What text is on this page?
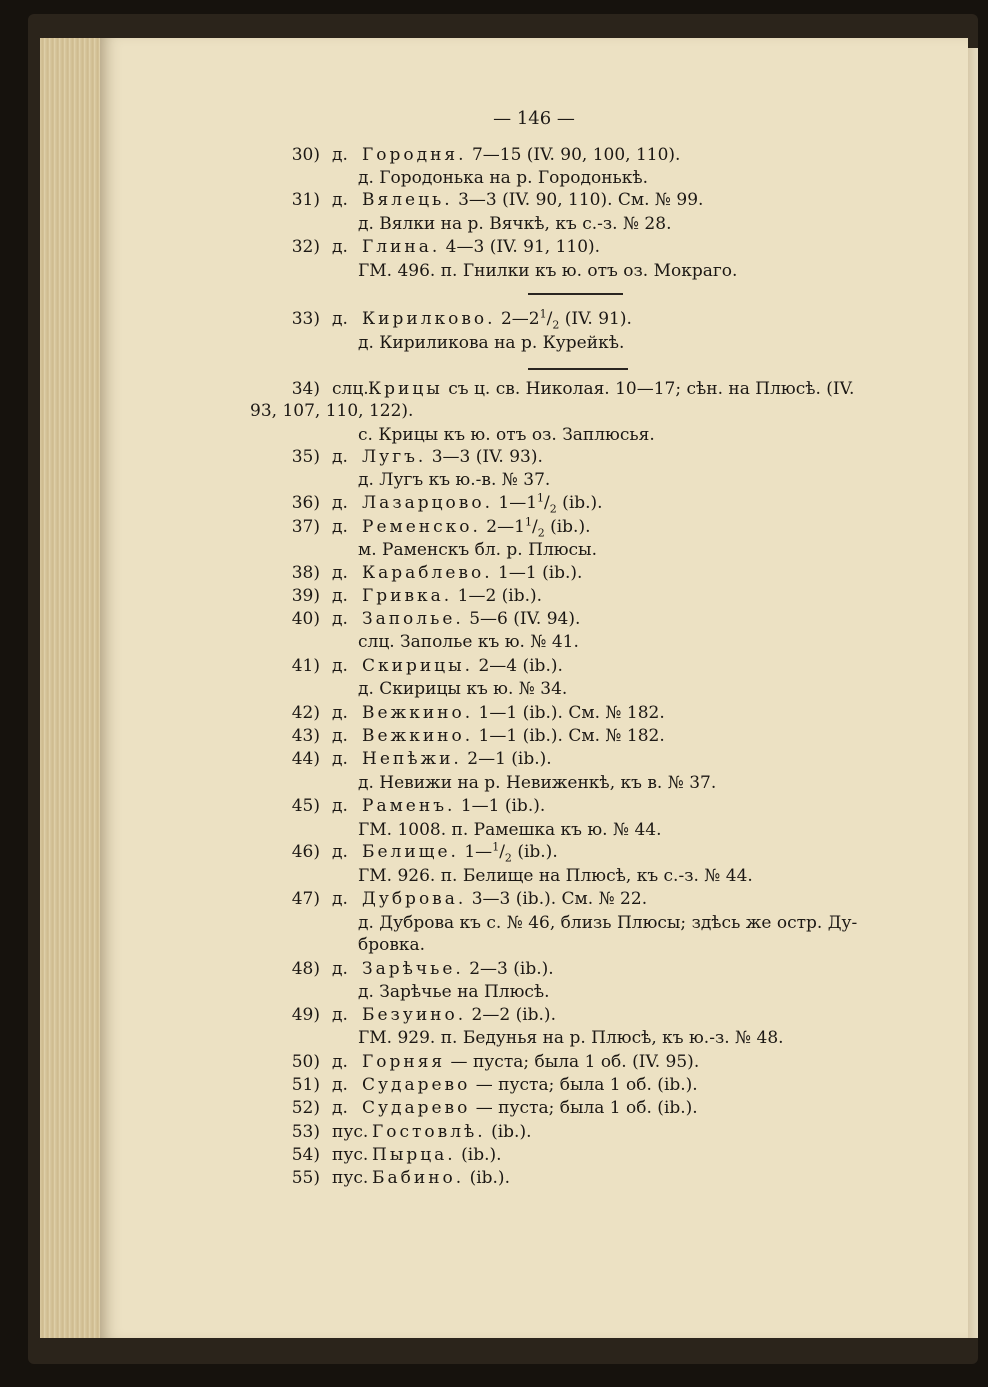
— 146 —
30) д. Городня. 7—15 (IV. 90, 100, 110).
д. Городонька на р. Городонькѣ.
31) д. Вялець. 3—3 (IV. 90, 110). См. № 99.
д. Вялки на р. Вячкѣ, къ с.-з. № 28.
32) д. Глина. 4—3 (IV. 91, 110).
ГМ. 496. п. Гнилки къ ю. отъ оз. Мокраго.
33) д. Кирилково. $2—2^1/_2$ (IV. 91).
д. Кириликова на р. Курейкѣ.
34) слц. Крицы съ ц. св. Николая. 10—17; сѣн. на Плюсѣ. (IV.
93, 107, 110, 122).
с. Крицы къ ю. отъ оз. Заплюсья.
35) д. Лугъ. 3—3 (IV. 93).
д. Лугъ къ ю.-в. № 37.
36) д. Лазарцово. $1—1^1/_2$ (ib.).
37) д. Ременско. $2—1^1/_2$ (ib.).
м. Раменскъ бл. р. Плюсы.
38) д. Караблево. 1—1 (ib.).
39) д. Гривка. 1—2 (ib.).
40) д. Заполье. 5—6 (IV. 94).
слц. Заполье къ ю. № 41.
41) д. Скирицы. 2—4 (ib.).
д. Скирицы къ ю. № 34.
42) д. Вежкино. 1—1 (ib.). См. № 182.
43) д. Вежкино. 1—1 (ib.). См. № 182.
44) д. Непѣжи. 2—1 (ib.).
д. Невижи на р. Невиженкѣ, къ в. № 37.
45) д. Раменъ. 1—1 (ib.).
ГМ. 1008. п. Рамешка къ ю. № 44.
46) д. Белище. $1—^1/_2$ (ib.).
ГМ. 926. п. Белище на Плюсѣ, къ с.-з. № 44.
47) д. Дуброва. 3—3 (ib.). См. № 22.
д. Дуброва къ с. № 46, близь Плюсы; здѣсь же остр. Ду-
бровка.
48) д. Зарѣчье. 2—3 (ib.).
д. Зарѣчье на Плюсѣ.
49) д. Безуино. 2—2 (ib.).
ГМ. 929. п. Бедунья на р. Плюсѣ, къ ю.-з. № 48.
50) д. Горняя — пуста; была 1 об. (IV. 95).
51) д. Сударево — пуста; была 1 об. (ib.).
52) д. Сударево — пуста; была 1 об. (ib.).
53) пус. Гостовлѣ. (ib.).
54) пус. Пырца. (ib.).
55) пус. Бабино. (ib.).
